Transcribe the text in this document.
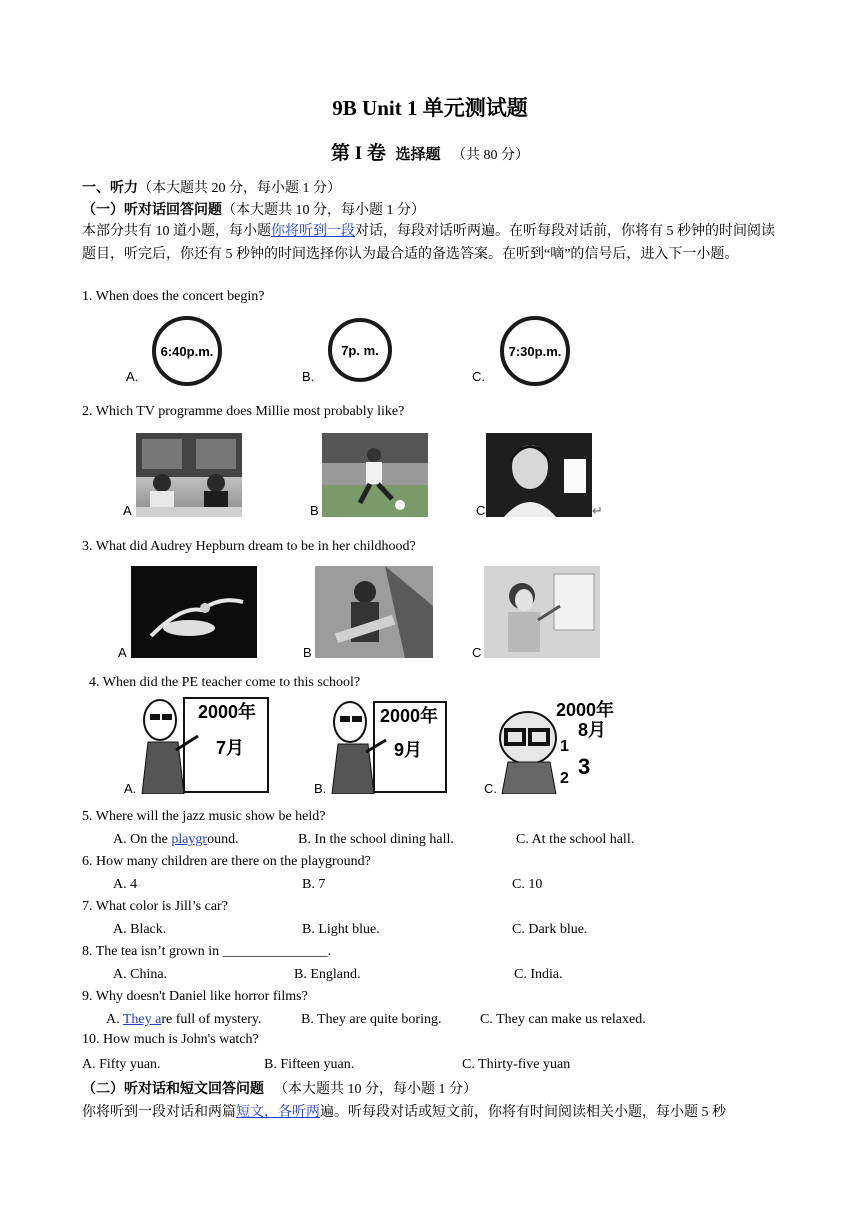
9B Unit 1 单元测试题
第 I 卷 选择题 （共 80 分）
一、听力（本大题共 20 分，每小题 1 分）
（一）听对话回答问题（本大题共 10 分，每小题 1 分）
本部分共有 10 道小题，每小题你将听到一段对话，每段对话听两遍。在听每段对话前，你将有 5 秒钟的时间阅读题目，听完后，你还有 5 秒钟的时间选择你认为最合适的备选答案。在听到“嘀”的信号后，进入下一小题。
1. When does the concert begin?
6:40p.m.	7p. m.	7:30p.m.
A.	B.	C.
2. Which TV programme does Millie most probably like?
A	B	C	↵
3. What did Audrey Hepburn dream to be in her childhood?
A	B	C
4. When did the PE teacher come to this school?
2000年
7月
2000年
9月
2000年
8月
1
2 3
A.	B.	C.
5. Where will the jazz music show be held?
A. On the playground.	B. In the school dining hall.	C. At the school hall.
6. How many children are there on the playground?
A. 4	B. 7	C. 10
7. What color is Jill’s car?
A. Black.	B. Light blue.	C. Dark blue.
8. The tea isn’t grown in _______________.
A. China.	B. England.	C. India.
9. Why doesn't Daniel like horror films?
A. They are full of mystery.	B. They are quite boring.	C. They can make us relaxed.
10. How much is John's watch?
A. Fifty yuan.	B. Fifteen yuan.	C. Thirty-five yuan
（二）听对话和短文回答问题 （本大题共 10 分，每小题 1 分）
你将听到一段对话和两篇短文，各听两遍。听每段对话或短文前，你将有时间阅读相关小题，每小题 5 秒
